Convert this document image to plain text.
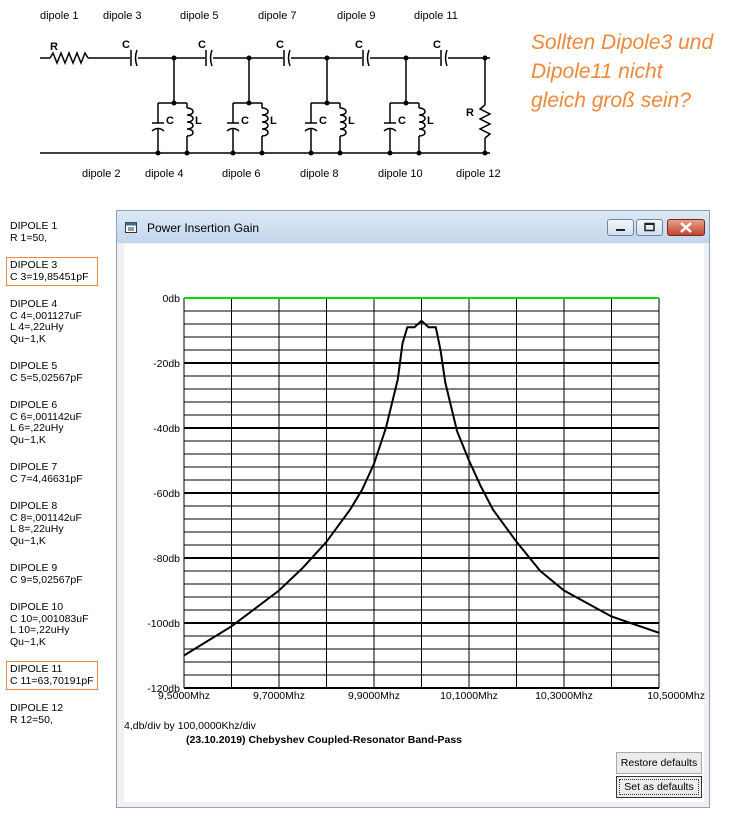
R
R
C	C	C	C	C
C L	C L	C L	C L
dipole 1 dipole 3	dipole 5	dipole 7	dipole 9	dipole 11
dipole 2 dipole 4	dipole 6	dipole 8	dipole 10	dipole 12
Sollten Dipole3 und
Dipole11 nicht
gleich groß sein?
DIPOLE 1
R 1=50,
DIPOLE 3
C 3=19,85451pF
DIPOLE 4
C 4=,001127uF
L 4=,22uHy
Qu~1,K
DIPOLE 5
C 5=5,02567pF
DIPOLE 6
C 6=,001142uF
L 6=,22uHy
Qu~1,K
DIPOLE 7
C 7=4,46631pF
DIPOLE 8
C 8=,001142uF
L 8=,22uHy
Qu~1,K
DIPOLE 9
C 9=5,02567pF
DIPOLE 10
C 10=,001083uF
L 10=,22uHy
Qu~1,K
DIPOLE 11
C 11=63,70191pF
DIPOLE 12
R 12=50,
Power Insertion Gain
0db
-20db
-40db
-60db
-80db
-100db
-120db
9,5000Mhz	9,7000Mhz	9,9000Mhz	10,1000Mhz	10,3000Mhz	10,5000Mhz
4,db/div by 100,0000Khz/div
(23.10.2019) Chebyshev Coupled-Resonator Band-Pass
Restore defaults
Set as defaults
